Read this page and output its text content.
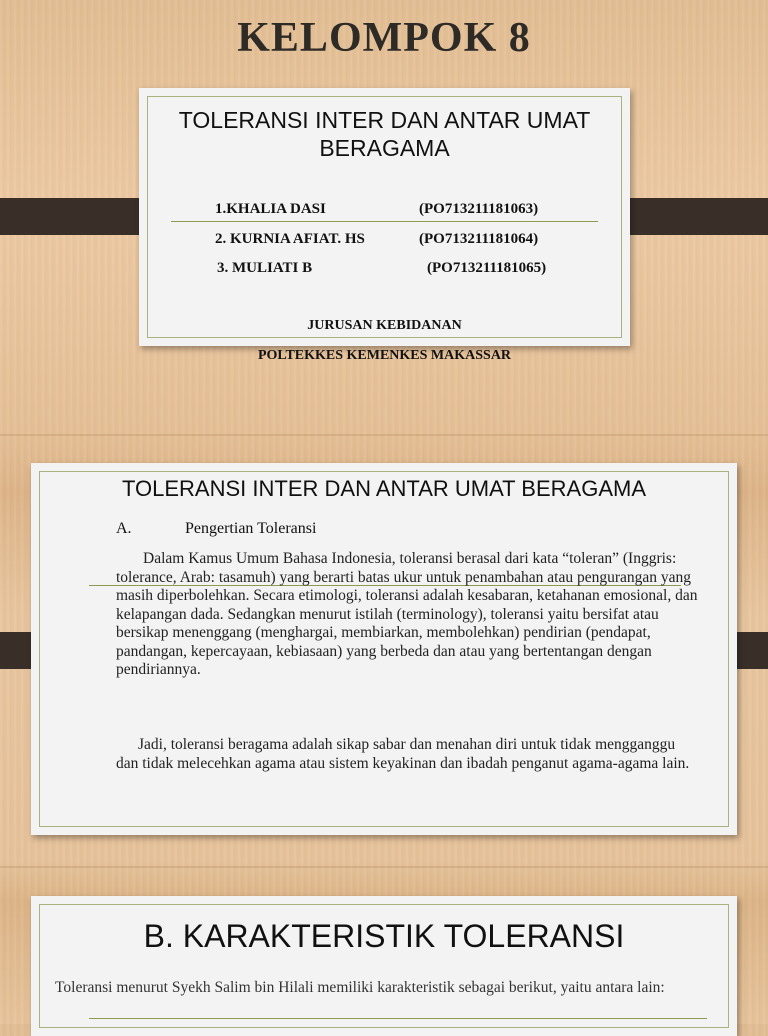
KELOMPOK 8
TOLERANSI INTER DAN ANTAR UMAT BERAGAMA
1.KHALIA DASI	(PO713211181063)
2. KURNIA AFIAT. HS	(PO713211181064)
3. MULIATI B	(PO713211181065)
JURUSAN KEBIDANAN
POLTEKKES KEMENKES MAKASSAR
TOLERANSI INTER DAN ANTAR UMAT BERAGAMA
A.	Pengertian Toleransi
Dalam Kamus Umum Bahasa Indonesia, toleransi berasal dari kata “toleran” (Inggris: tolerance, Arab: tasamuh) yang berarti batas ukur untuk penambahan atau pengurangan yang masih diperbolehkan. Secara etimologi, toleransi adalah kesabaran, ketahanan emosional, dan kelapangan dada. Sedangkan menurut istilah (terminology), toleransi yaitu bersifat atau bersikap menenggang (menghargai, membiarkan, membolehkan) pendirian (pendapat, pandangan, kepercayaan, kebiasaan) yang berbeda dan atau yang bertentangan dengan pendiriannya.
Jadi, toleransi beragama adalah sikap sabar dan menahan diri untuk tidak mengganggu dan tidak melecehkan agama atau sistem keyakinan dan ibadah penganut agama-agama lain.
B. KARAKTERISTIK TOLERANSI
Toleransi menurut Syekh Salim bin Hilali memiliki karakteristik sebagai berikut, yaitu antara lain:
